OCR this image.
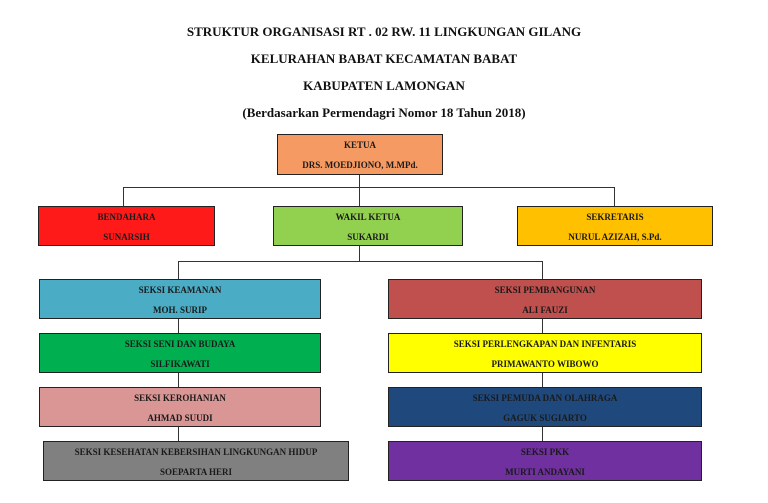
STRUKTUR ORGANISASI RT . 02 RW. 11 LINGKUNGAN GILANG
KELURAHAN BABAT KECAMATAN BABAT
KABUPATEN LAMONGAN
(Berdasarkan Permendagri Nomor 18 Tahun 2018)
KETUA
DRS. MOEDJIONO, M.MPd.
BENDAHARA
SUNARSIH
WAKIL KETUA
SUKARDI
SEKRETARIS
NURUL AZIZAH, S.Pd.
SEKSI KEAMANAN
MOH. SURIP
SEKSI SENI DAN BUDAYA
SILFIKAWATI
SEKSI KEROHANIAN
AHMAD SUUDI
SEKSI KESEHATAN KEBERSIHAN LINGKUNGAN HIDUP
SOEPARTA HERI
SEKSI PEMBANGUNAN
ALI FAUZI
SEKSI PERLENGKAPAN DAN INFENTARIS
PRIMAWANTO WIBOWO
SEKSI PEMUDA DAN OLAHRAGA
GAGUK SUGIARTO
SEKSI PKK
MURTI ANDAYANI
